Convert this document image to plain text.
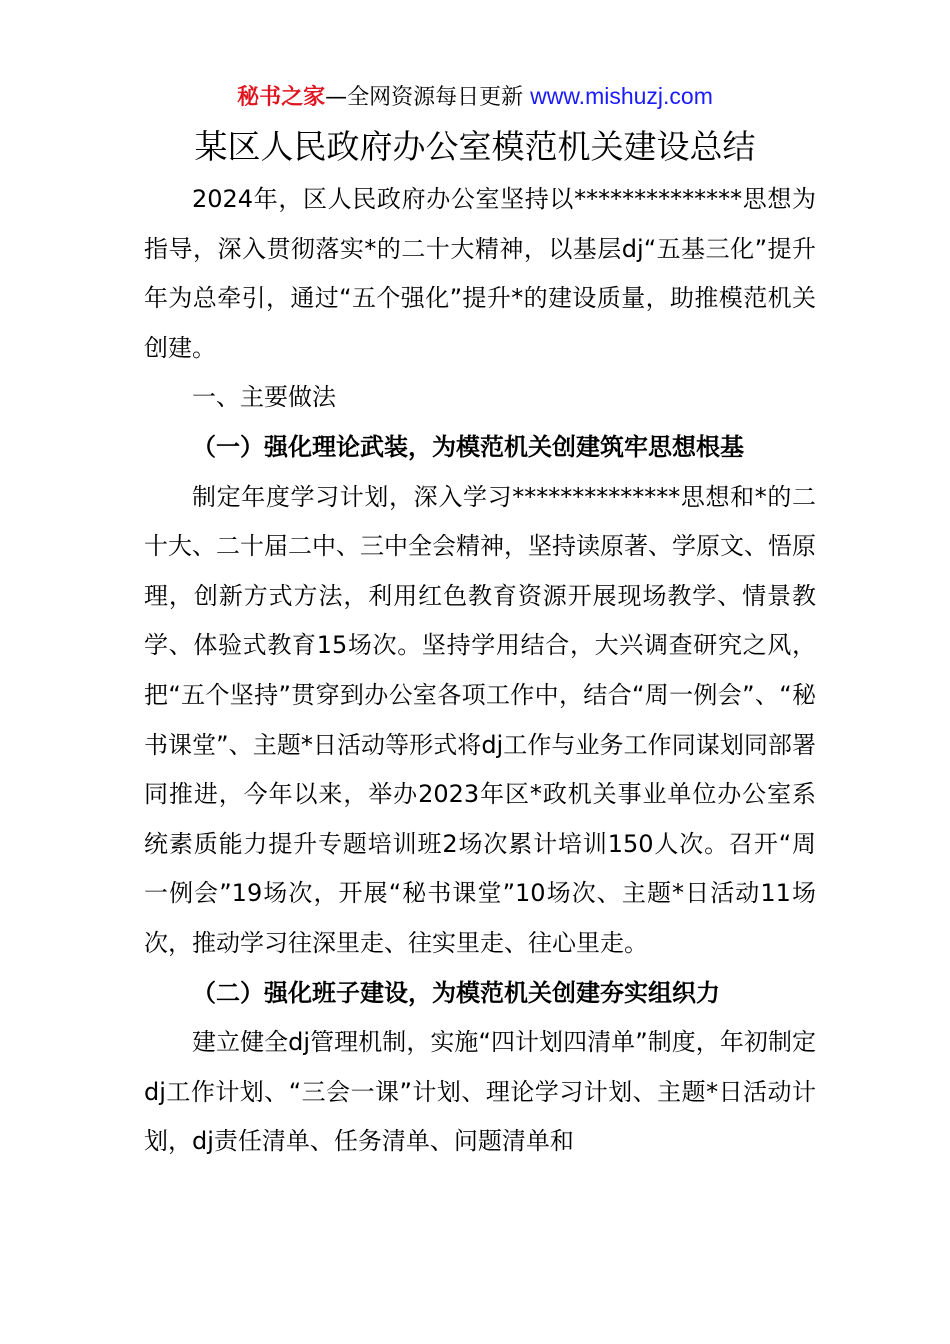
秘书之家—全网资源每日更新 www.mishuzj.com
某区人民政府办公室模范机关建设总结

2024年，区人民政府办公室坚持以**************思想为指导，深入贯彻落实*的二十大精神，以基层dj“五基三化”提升年为总牵引，通过“五个强化”提升*的建设质量，助推模范机关创建。

一、主要做法

（一）强化理论武装，为模范机关创建筑牢思想根基

制定年度学习计划，深入学习**************思想和*的二十大、二十届二中、三中全会精神，坚持读原著、学原文、悟原理，创新方式方法，利用红色教育资源开展现场教学、情景教学、体验式教育15场次。坚持学用结合，大兴调查研究之风，把“五个坚持”贯穿到办公室各项工作中，结合“周一例会”、“秘书课堂”、主题*日活动等形式将dj工作与业务工作同谋划同部署同推进，今年以来，举办2023年区*政机关事业单位办公室系统素质能力提升专题培训班2场次累计培训150人次。召开“周一例会”19场次，开展“秘书课堂”10场次、主题*日活动11场次，推动学习往深里走、往实里走、往心里走。

（二）强化班子建设，为模范机关创建夯实组织力

建立健全dj管理机制，实施“四计划四清单”制度，年初制定dj工作计划、“三会一课”计划、理论学习计划、主题*日活动计划，dj责任清单、任务清单、问题清单和
